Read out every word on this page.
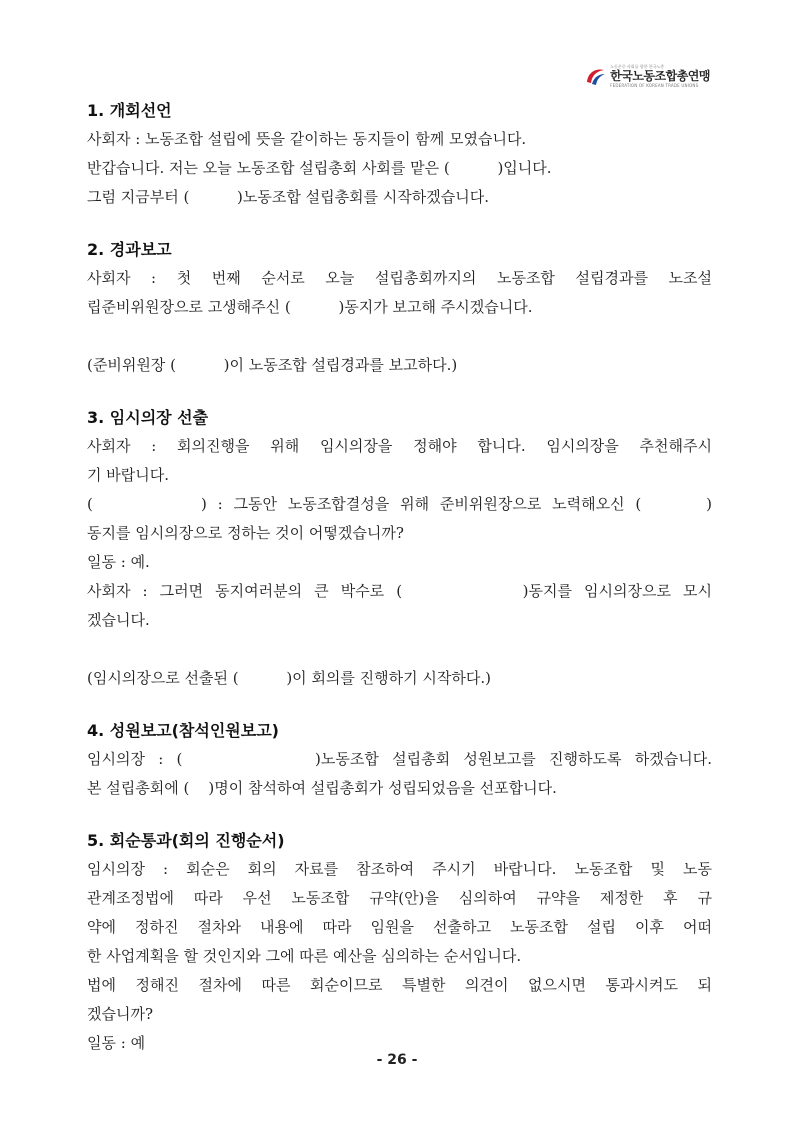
노동존중 사회를 향한 한국노총
한국노동조합총연맹
FEDERATION OF KOREAN TRADE UNIONS
1. 개회선언

사회자 : 노동조합 설립에 뜻을 같이하는 동지들이 함께 모였습니다.

반갑습니다. 저는 오늘 노동조합 설립총회 사회를 맡은 (          )입니다.

그럼 지금부터 (          )노동조합 설립총회를 시작하겠습니다.

2. 경과보고

사회자 : 첫 번째 순서로 오늘 설립총회까지의 노동조합 설립경과를 노조설

립준비위원장으로 고생해주신 (          )동지가 보고해 주시겠습니다.

(준비위원장 (          )이 노동조합 설립경과를 보고하다.)

3. 임시의장 선출

사회자 : 회의진행을 위해 임시의장을 정해야 합니다. 임시의장을 추천해주시

기 바랍니다.

(          ) : 그동안 노동조합결성을 위해 준비위원장으로 노력해오신 (      )

동지를 임시의장으로 정하는 것이 어떻겠습니까?

일동 : 예.

사회자 : 그러면 동지여러분의 큰 박수로 (          )동지를 임시의장으로 모시

겠습니다.

(임시의장으로 선출된 (          )이 회의를 진행하기 시작하다.)

4. 성원보고(참석인원보고)

임시의장 : (          )노동조합 설립총회 성원보고를 진행하도록 하겠습니다.

본 설립총회에 (    )명이 참석하여 설립총회가 성립되었음을 선포합니다.

5. 회순통과(회의 진행순서)

임시의장 : 회순은 회의 자료를 참조하여 주시기 바랍니다. 노동조합 및 노동

관계조정법에 따라 우선 노동조합 규약(안)을 심의하여 규약을 제정한 후 규

약에 정하진 절차와 내용에 따라 임원을 선출하고 노동조합 설립 이후 어떠

한 사업계획을 할 것인지와 그에 따른 예산을 심의하는 순서입니다.

법에 정해진 절차에 따른 회순이므로 특별한 의견이 없으시면 통과시켜도 되

겠습니까?

일동 : 예

- 26 -
